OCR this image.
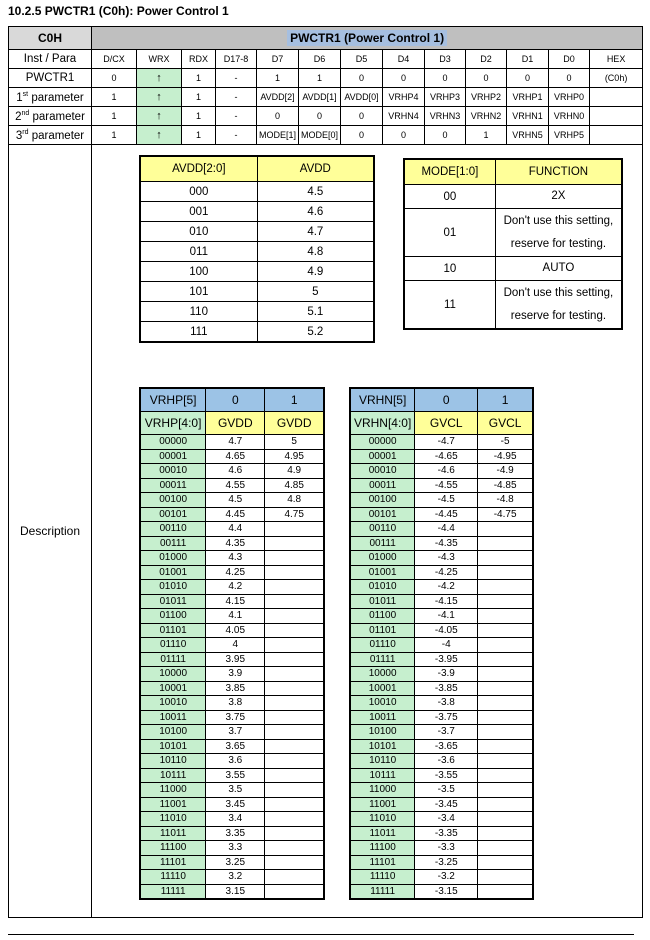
10.2.5 PWCTR1 (C0h): Power Control 1
C0H	PWCTR1 (Power Control 1)												
Inst / Para	D/CX	WRX	RDX	D17-8	D7	D6	D5	D4	D3	D2	D1	D0	HEX
PWCTR1	0	↑	1	-	1	1	0	0	0	0	0	0	(C0h)
1st parameter	1	↑	1	-	AVDD[2]	AVDD[1]	AVDD[0]	VRHP4	VRHP3	VRHP2	VRHP1	VRHP0	
2nd parameter	1	↑	1	-	0	0	0	VRHN4	VRHN3	VRHN2	VRHN1	VRHN0	
3rd parameter	1	↑	1	-	MODE[1]	MODE[0]	0	0	0	1	VRHN5	VRHP5	
Description													
AVDD[2:0]	AVDD
000	4.5
001	4.6
010	4.7
011	4.8
100	4.9
101	5
110	5.1
111	5.2
MODE[1:0]	FUNCTION
00	2X

01	Don't use this setting,
reserve for testing.

10	AUTO

11	Don't use this setting,
reserve for testing.
VRHP[5]	0	1
VRHP[4:0]	GVDD	GVDD
00000	4.7	5
00001	4.65	4.95
00010	4.6	4.9
00011	4.55	4.85
00100	4.5	4.8
00101	4.45	4.75
00110	4.4	
00111	4.35	
01000	4.3	
01001	4.25	
01010	4.2	
01011	4.15	
01100	4.1	
01101	4.05	
01110	4	
01111	3.95	
10000	3.9	
10001	3.85	
10010	3.8	
10011	3.75	
10100	3.7	
10101	3.65	
10110	3.6	
10111	3.55	
11000	3.5	
11001	3.45	
11010	3.4	
11011	3.35	
11100	3.3	
11101	3.25	
11110	3.2	
11111	3.15	
VRHN[5]	0	1
VRHN[4:0]	GVCL	GVCL
00000	-4.7	-5
00001	-4.65	-4.95
00010	-4.6	-4.9
00011	-4.55	-4.85
00100	-4.5	-4.8
00101	-4.45	-4.75
00110	-4.4	
00111	-4.35	
01000	-4.3	
01001	-4.25	
01010	-4.2	
01011	-4.15	
01100	-4.1	
01101	-4.05	
01110	-4	
01111	-3.95	
10000	-3.9	
10001	-3.85	
10010	-3.8	
10011	-3.75	
10100	-3.7	
10101	-3.65	
10110	-3.6	
10111	-3.55	
11000	-3.5	
11001	-3.45	
11010	-3.4	
11011	-3.35	
11100	-3.3	
11101	-3.25	
11110	-3.2	
11111	-3.15	
